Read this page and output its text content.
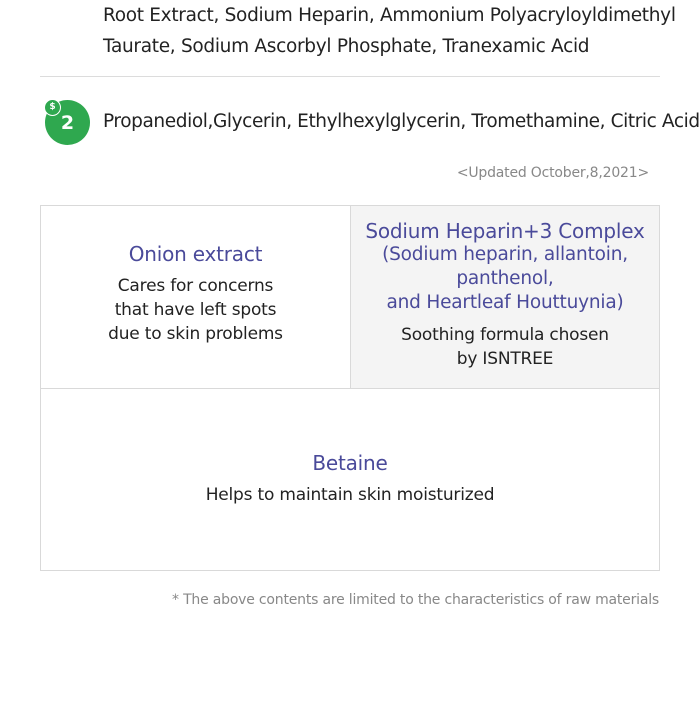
Root Extract, Sodium Heparin, Ammonium Polyacryloyldimethyl
Taurate, Sodium Ascorbyl Phosphate, Tranexamic Acid
$
2 Propanediol,Glycerin, Ethylhexylglycerin, Tromethamine, Citric Acid
<Updated October,8,2021>
Onion extract
Cares for concerns
that have left spots
due to skin problems
Sodium Heparin+3 Complex
(Sodium heparin, allantoin,
panthenol,
and Heartleaf Houttuynia)
Soothing formula chosen
by ISNTREE
Betaine
Helps to maintain skin moisturized
* The above contents are limited to the characteristics of raw materials
